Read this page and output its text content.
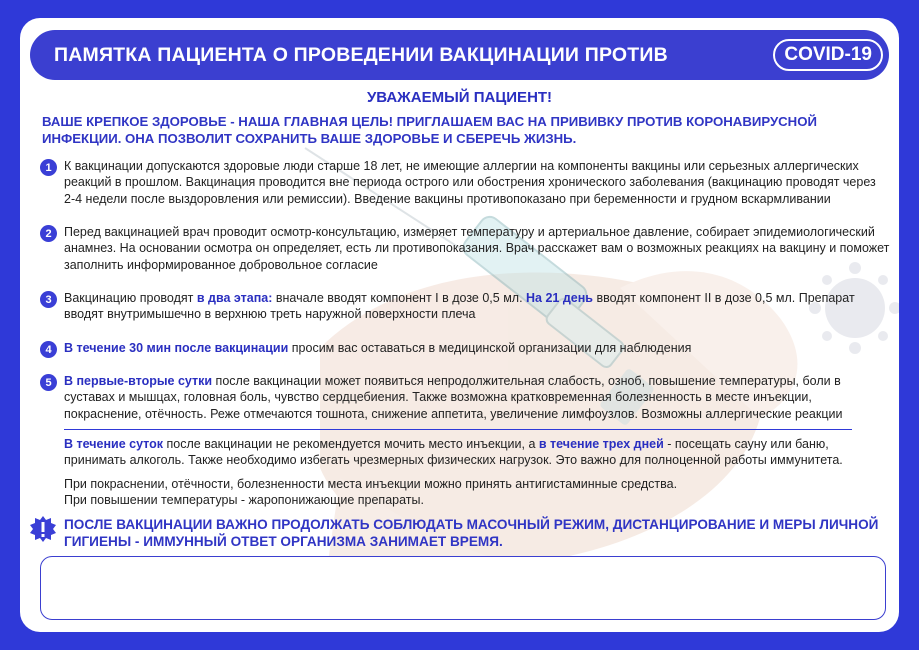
ПАМЯТКА ПАЦИЕНТА О ПРОВЕДЕНИИ ВАКЦИНАЦИИ ПРОТИВ	COVID-19
УВАЖАЕМЫЙ ПАЦИЕНТ!
ВАШЕ КРЕПКОЕ ЗДОРОВЬЕ - НАША ГЛАВНАЯ ЦЕЛЬ! ПРИГЛАШАЕМ ВАС НА ПРИВИВКУ ПРОТИВ КОРОНАВИРУСНОЙ ИНФЕКЦИИ. ОНА ПОЗВОЛИТ СОХРАНИТЬ ВАШЕ ЗДОРОВЬЕ И СБЕРЕЧЬ ЖИЗНЬ.
1 К вакцинации допускаются здоровые люди старше 18 лет, не имеющие аллергии на компоненты вакцины или серьезных аллергических реакций в прошлом. Вакцинация проводится вне периода острого или обострения хронического заболевания (вакцинацию проводят через 2-4 недели после выздоровления или ремиссии). Введение вакцины противопоказано при беременности и грудном вскармливании
2 Перед вакцинацией врач проводит осмотр-консультацию, измеряет температуру и артериальное давление, собирает эпидемиологический анамнез. На основании осмотра он определяет, есть ли противопоказания. Врач расскажет вам о возможных реакциях на вакцину и поможет заполнить информированное добровольное согласие
3 Вакцинацию проводят в два этапа: вначале вводят компонент I в дозе 0,5 мл. На 21 день вводят компонент II в дозе 0,5 мл. Препарат вводят внутримышечно в верхнюю треть наружной поверхности плеча
4 В течение 30 мин после вакцинации просим вас оставаться в медицинской организации для наблюдения
5 В первые-вторые сутки после вакцинации может появиться непродолжительная слабость, озноб, повышение температуры, боли в суставах и мышцах, головная боль, чувство сердцебиения. Также возможна кратковременная болезненность в месте инъекции, покраснение, отёчность. Реже отмечаются тошнота, снижение аппетита, увеличение лимфоузлов. Возможны аллергические реакции
В течение суток после вакцинации не рекомендуется мочить место инъекции, а в течение трех дней - посещать сауну или баню, принимать алкоголь. Также необходимо избегать чрезмерных физических нагрузок. Это важно для полноценной работы иммунитета.
При покраснении, отёчности, болезненности места инъекции можно принять антигистаминные средства.
При повышении температуры - жаропонижающие препараты.
ПОСЛЕ ВАКЦИНАЦИИ ВАЖНО ПРОДОЛЖАТЬ СОБЛЮДАТЬ МАСОЧНЫЙ РЕЖИМ, ДИСТАНЦИРОВАНИЕ И МЕРЫ ЛИЧНОЙ ГИГИЕНЫ - ИММУННЫЙ ОТВЕТ ОРГАНИЗМА ЗАНИМАЕТ ВРЕМЯ.
